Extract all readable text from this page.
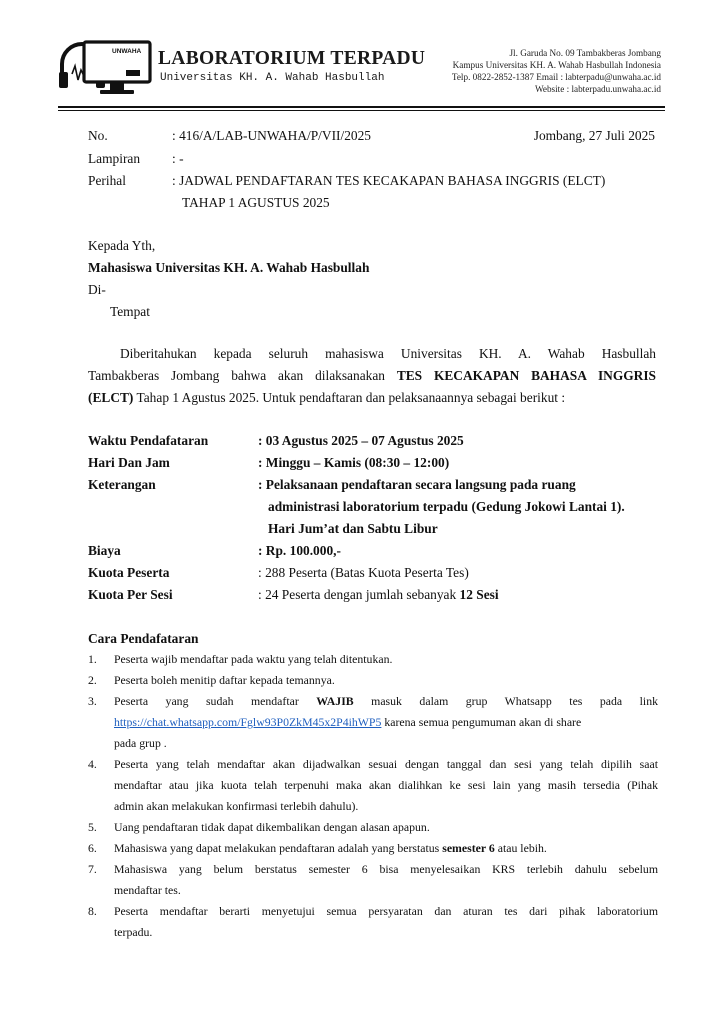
UNWAHA LABORATORIUM TERPADU
Universitas KH. A. Wahab Hasbullah
Jl. Garuda No. 09 Tambakberas Jombang
Kampus Universitas KH. A. Wahab Hasbullah Indonesia
Telp. 0822-2852-1387 Email : labterpadu@unwaha.ac.id
Website : labterpadu.unwaha.ac.id
No.	: 416/A/LAB-UNWAHA/P/VII/2025	Jombang, 27 Juli 2025
Lampiran : -
Perihal	: JADWAL PENDAFTARAN TES KECAKAPAN BAHASA INGGRIS (ELCT)
TAHAP 1 AGUSTUS 2025
Kepada Yth,
Mahasiswa Universitas KH. A. Wahab Hasbullah
Di-
Tempat
Diberitahukan kepada seluruh mahasiswa Universitas KH. A. Wahab Hasbullah
Tambakberas Jombang bahwa akan dilaksanakan TES KECAKAPAN BAHASA INGGRIS
(ELCT) Tahap 1 Agustus 2025. Untuk pendaftaran dan pelaksanaannya sebagai berikut :
Waktu Pendafataran	: 03 Agustus 2025 – 07 Agustus 2025
Hari Dan Jam	: Minggu – Kamis (08:30 – 12:00)
Keterangan	: Pelaksanaan pendaftaran secara langsung pada ruang
administrasi laboratorium terpadu (Gedung Jokowi Lantai 1).
Hari Jum’at dan Sabtu Libur
Biaya	: Rp. 100.000,-
Kuota Peserta	: 288 Peserta (Batas Kuota Peserta Tes)
Kuota Per Sesi	: 24 Peserta dengan jumlah sebanyak 12 Sesi
Cara Pendafataran
1.	Peserta wajib mendaftar pada waktu yang telah ditentukan.
2.	Peserta boleh menitip daftar kepada temannya.
3.	Peserta yang sudah mendaftar WAJIB masuk dalam grup Whatsapp tes pada link
https://chat.whatsapp.com/Fglw93P0ZkM45x2P4ihWP5 karena semua pengumuman akan di share
pada grup .
4.	Peserta yang telah mendaftar akan dijadwalkan sesuai dengan tanggal dan sesi yang telah dipilih saat
mendaftar atau jika kuota telah terpenuhi maka akan dialihkan ke sesi lain yang masih tersedia (Pihak
admin akan melakukan konfirmasi terlebih dahulu).
5.	Uang pendaftaran tidak dapat dikembalikan dengan alasan apapun.
6.	Mahasiswa yang dapat melakukan pendaftaran adalah yang berstatus semester 6 atau lebih.
7.	Mahasiswa yang belum berstatus semester 6 bisa menyelesaikan KRS terlebih dahulu sebelum
mendaftar tes.
8.	Peserta mendaftar berarti menyetujui semua persyaratan dan aturan tes dari pihak laboratorium
terpadu.
